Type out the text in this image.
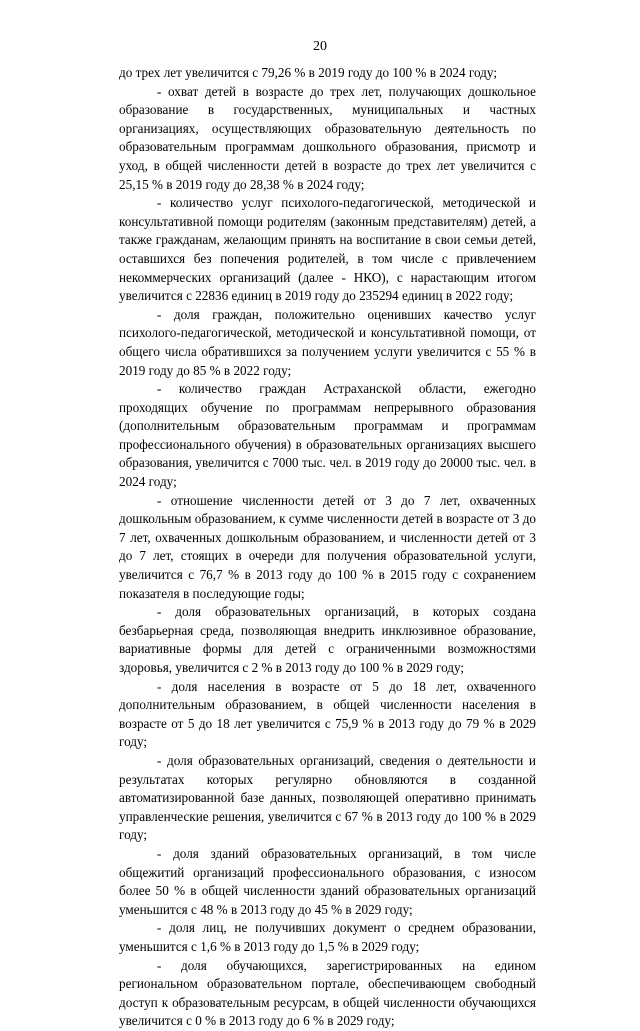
20

до трех лет увеличится с 79,26 % в 2019 году до 100 % в 2024 году;

- охват детей в возрасте до трех лет, получающих дошкольное образование в государственных, муниципальных и частных организациях, осуществляющих образовательную деятельность по образовательным программам дошкольного образования, присмотр и уход, в общей численности детей в возрасте до трех лет увеличится с 25,15 % в 2019 году до 28,38 % в 2024 году;

- количество услуг психолого-педагогической, методической и консультативной помощи родителям (законным представителям) детей, а также гражданам, желающим принять на воспитание в свои семьи детей, оставшихся без попечения родителей, в том числе с привлечением некоммерческих организаций (далее - НКО), с нарастающим итогом увеличится с 22836 единиц в 2019 году до 235294 единиц в 2022 году;

- доля граждан, положительно оценивших качество услуг психолого-педагогической, методической и консультативной помощи, от общего числа обратившихся за получением услуги увеличится с 55 % в 2019 году до 85 % в 2022 году;

- количество граждан Астраханской области, ежегодно проходящих обучение по программам непрерывного образования (дополнительным образовательным программам и программам профессионального обучения) в образовательных организациях высшего образования, увеличится с 7000 тыс. чел. в 2019 году до 20000 тыс. чел. в 2024 году;

- отношение численности детей от 3 до 7 лет, охваченных дошкольным образованием, к сумме численности детей в возрасте от 3 до 7 лет, охваченных дошкольным образованием, и численности детей от 3 до 7 лет, стоящих в очереди для получения образовательной услуги, увеличится с 76,7 % в 2013 году до 100 % в 2015 году с сохранением показателя в последующие годы;

- доля образовательных организаций, в которых создана безбарьерная среда, позволяющая внедрить инклюзивное образование, вариативные формы для детей с ограниченными возможностями здоровья, увеличится с 2 % в 2013 году до 100 % в 2029 году;

- доля населения в возрасте от 5 до 18 лет, охваченного дополнительным образованием, в общей численности населения в возрасте от 5 до 18 лет увеличится с 75,9 % в 2013 году до 79 % в 2029 году;

- доля образовательных организаций, сведения о деятельности и результатах которых регулярно обновляются в созданной автоматизированной базе данных, позволяющей оперативно принимать управленческие решения, увеличится с 67 % в 2013 году до 100 % в 2029 году;

- доля зданий образовательных организаций, в том числе общежитий организаций профессионального образования, с износом более 50 % в общей численности зданий образовательных организаций уменьшится с 48 % в 2013 году до 45 % в 2029 году;

- доля лиц, не получивших документ о среднем образовании, уменьшится с 1,6 % в 2013 году до 1,5 % в 2029 году;

- доля обучающихся, зарегистрированных на едином региональном образовательном портале, обеспечивающем свободный доступ к образовательным ресурсам, в общей численности обучающихся увеличится с 0 % в 2013 году до 6 % в 2029 году;
